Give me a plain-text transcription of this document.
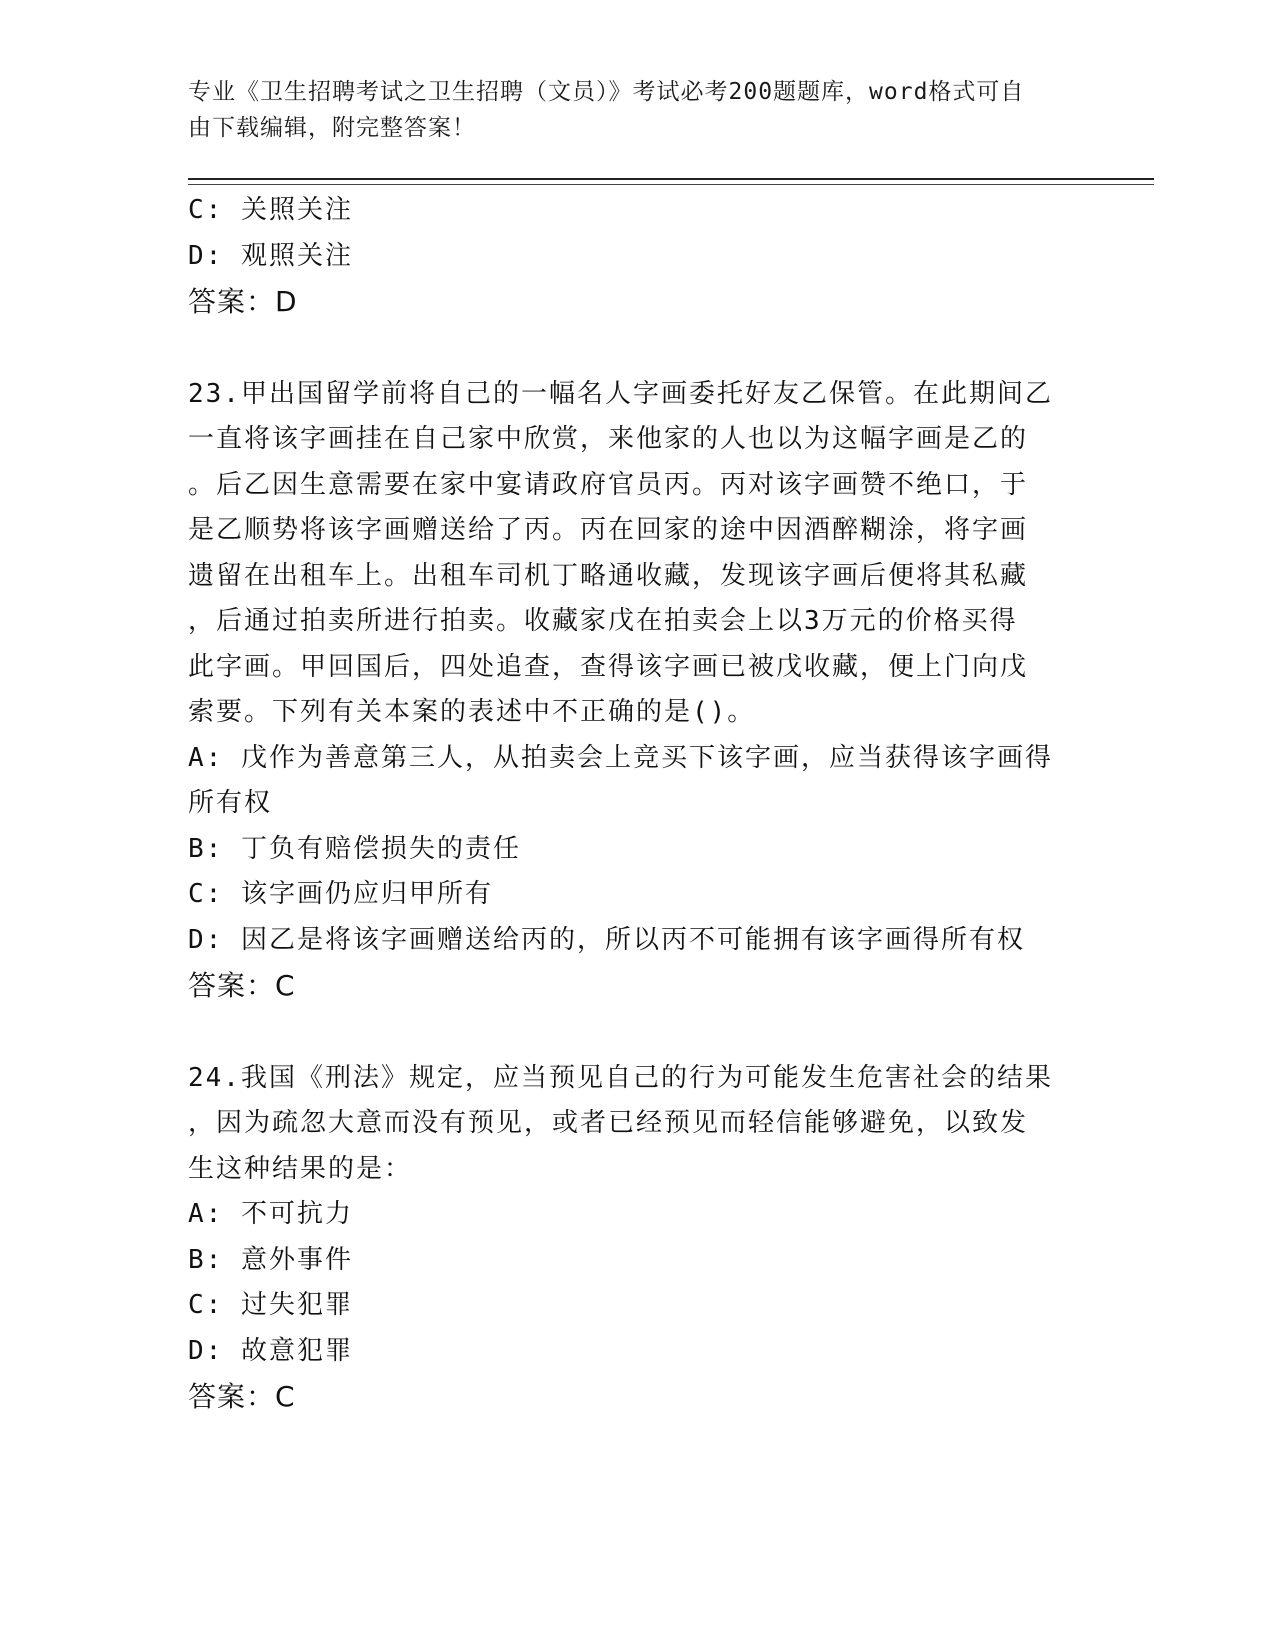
专业《卫生招聘考试之卫生招聘（文员）》考试必考200题题库，word格式可自
由下载编辑，附完整答案！
C: 关照关注
D: 观照关注
答案：D
23.甲出国留学前将自己的一幅名人字画委托好友乙保管。在此期间乙
一直将该字画挂在自己家中欣赏，来他家的人也以为这幅字画是乙的
。后乙因生意需要在家中宴请政府官员丙。丙对该字画赞不绝口，于
是乙顺势将该字画赠送给了丙。丙在回家的途中因酒醉糊涂，将字画
遗留在出租车上。出租车司机丁略通收藏，发现该字画后便将其私藏
，后通过拍卖所进行拍卖。收藏家戊在拍卖会上以3万元的价格买得
此字画。甲回国后，四处追查，查得该字画已被戊收藏，便上门向戊
索要。下列有关本案的表述中不正确的是()。
A: 戊作为善意第三人，从拍卖会上竞买下该字画，应当获得该字画得
所有权
B: 丁负有赔偿损失的责任
C: 该字画仍应归甲所有
D: 因乙是将该字画赠送给丙的，所以丙不可能拥有该字画得所有权
答案：C
24.我国《刑法》规定，应当预见自己的行为可能发生危害社会的结果
，因为疏忽大意而没有预见，或者已经预见而轻信能够避免，以致发
生这种结果的是：
A: 不可抗力
B: 意外事件
C: 过失犯罪
D: 故意犯罪
答案：C
